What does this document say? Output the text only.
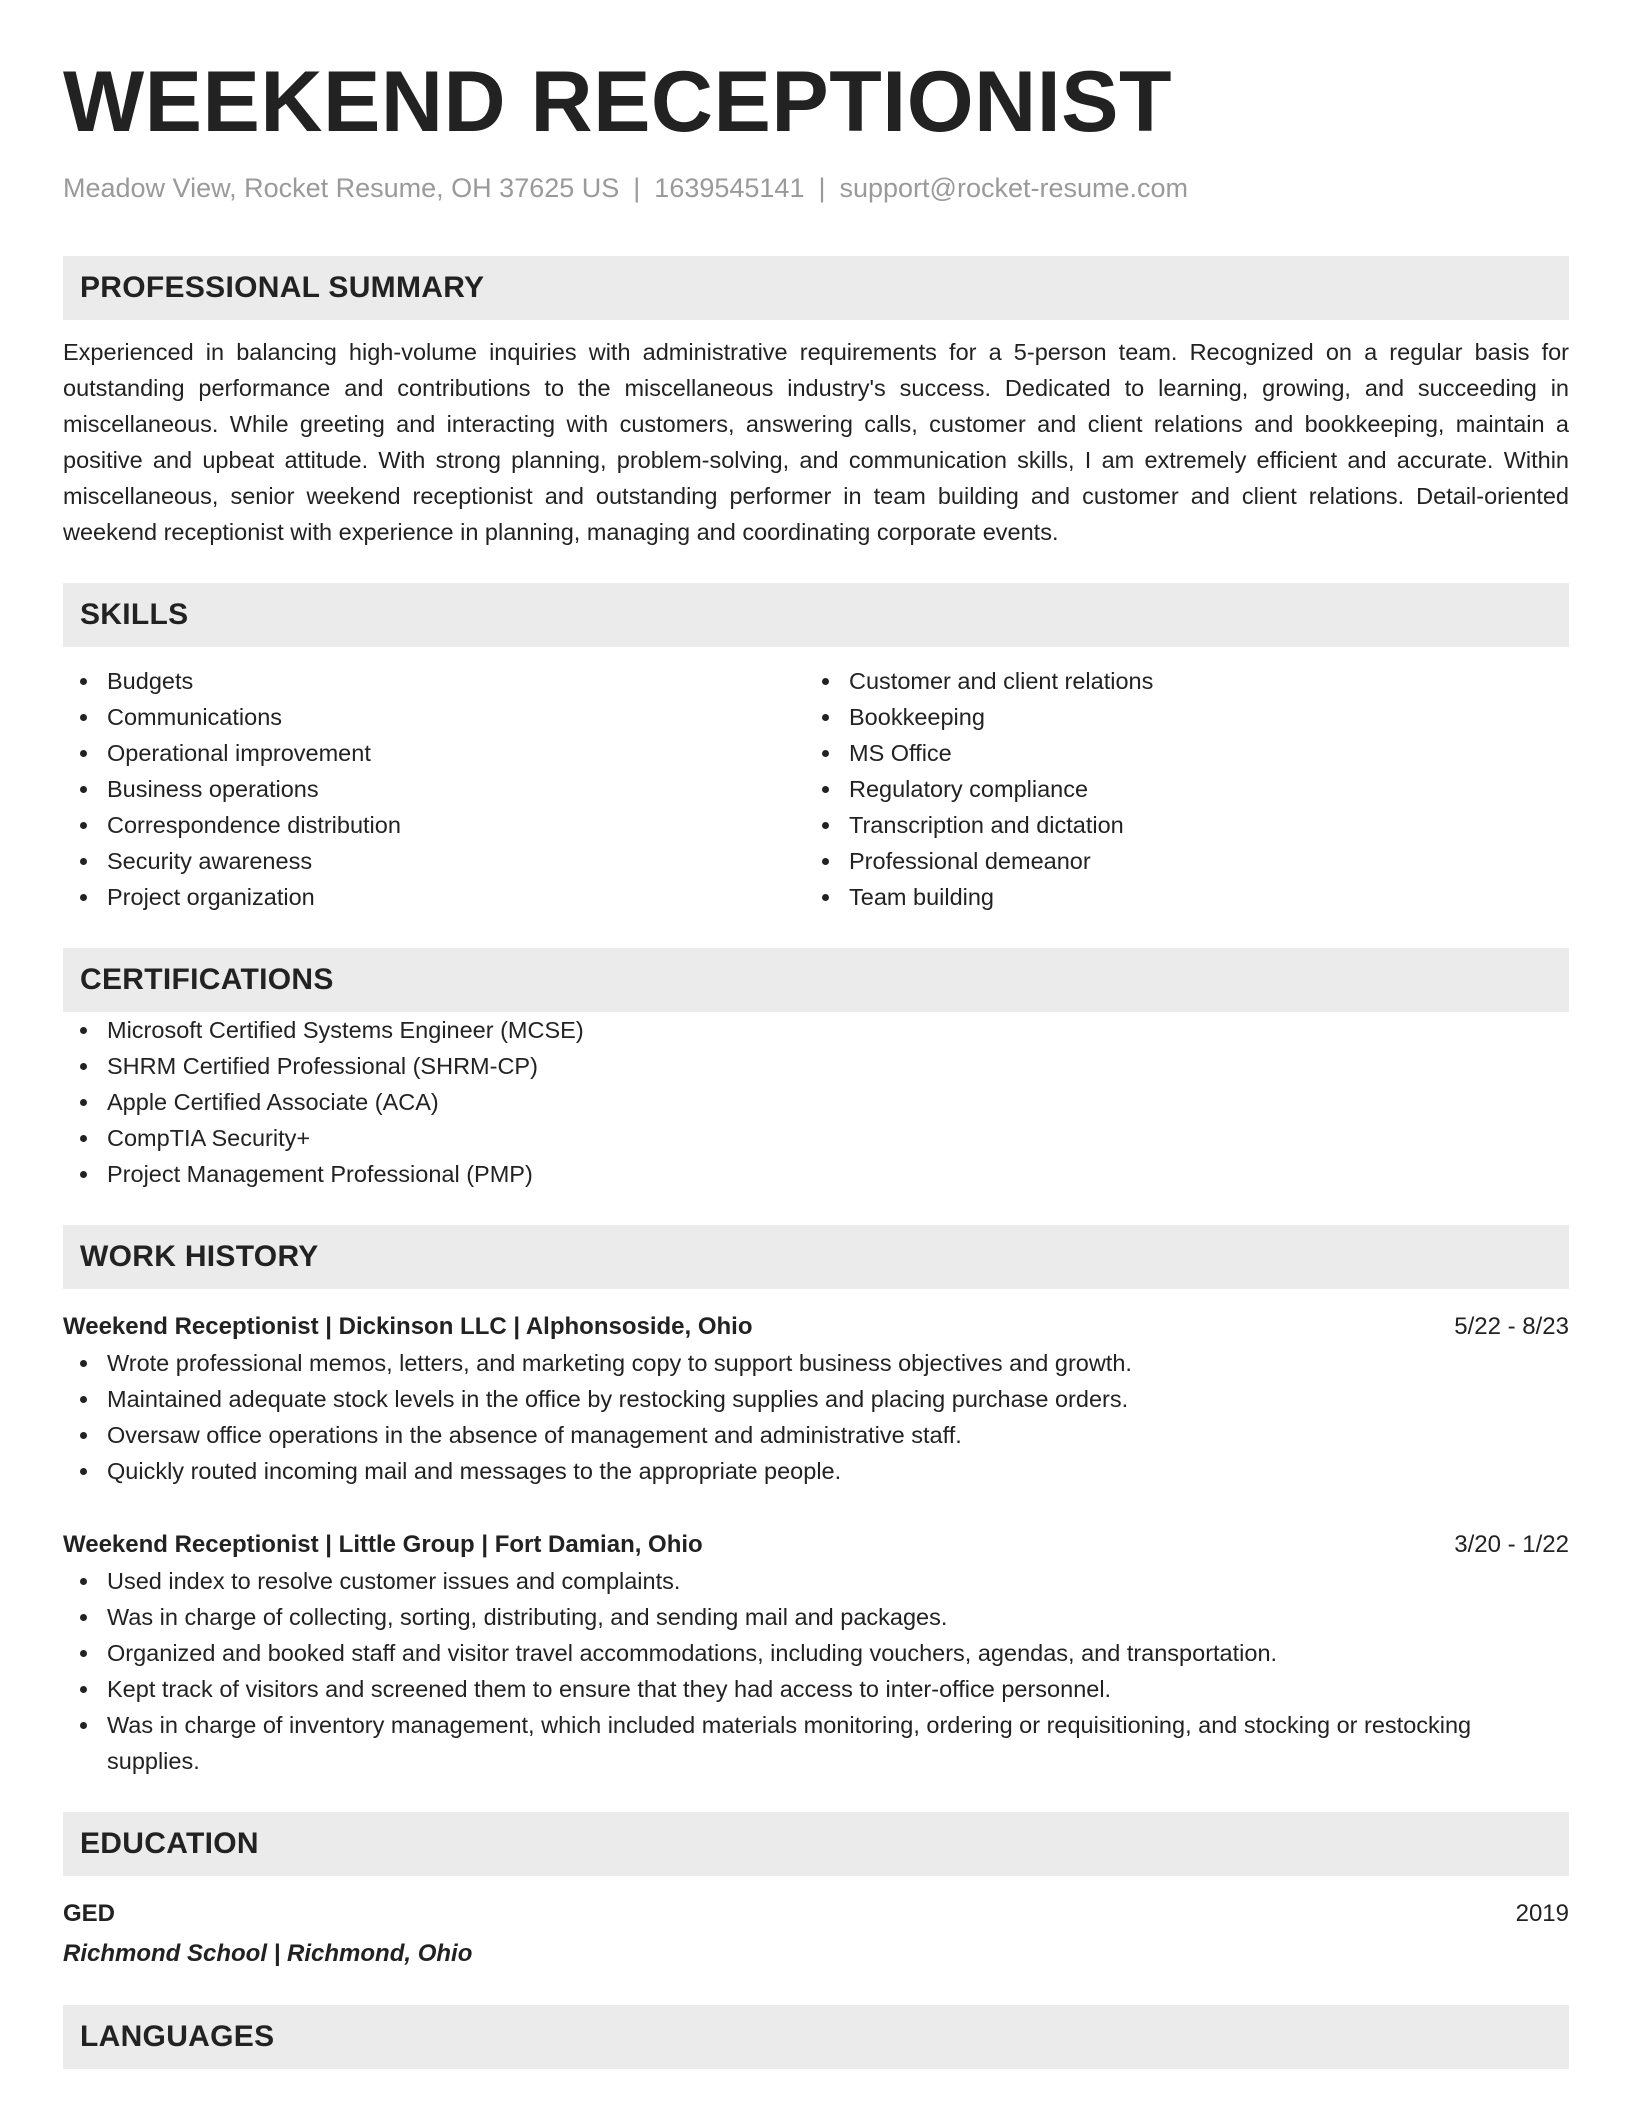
WEEKEND RECEPTIONIST
Meadow View, Rocket Resume, OH 37625 US | 1639545141 | support@rocket-resume.com
PROFESSIONAL SUMMARY
Experienced in balancing high-volume inquiries with administrative requirements for a 5-person team. Recognized on a regular basis for outstanding performance and contributions to the miscellaneous industry's success. Dedicated to learning, growing, and succeeding in miscellaneous. While greeting and interacting with customers, answering calls, customer and client relations and bookkeeping, maintain a positive and upbeat attitude. With strong planning, problem-solving, and communication skills, I am extremely efficient and accurate. Within miscellaneous, senior weekend receptionist and outstanding performer in team building and customer and client relations. Detail-oriented weekend receptionist with experience in planning, managing and coordinating corporate events.
SKILLS
Budgets
Communications
Operational improvement
Business operations
Correspondence distribution
Security awareness
Project organization
Customer and client relations
Bookkeeping
MS Office
Regulatory compliance
Transcription and dictation
Professional demeanor
Team building
CERTIFICATIONS
Microsoft Certified Systems Engineer (MCSE)
SHRM Certified Professional (SHRM-CP)
Apple Certified Associate (ACA)
CompTIA Security+
Project Management Professional (PMP)
WORK HISTORY
Weekend Receptionist | Dickinson LLC | Alphonsoside, Ohio	5/22 - 8/23
Wrote professional memos, letters, and marketing copy to support business objectives and growth.
Maintained adequate stock levels in the office by restocking supplies and placing purchase orders.
Oversaw office operations in the absence of management and administrative staff.
Quickly routed incoming mail and messages to the appropriate people.
Weekend Receptionist | Little Group | Fort Damian, Ohio	3/20 - 1/22
Used index to resolve customer issues and complaints.
Was in charge of collecting, sorting, distributing, and sending mail and packages.
Organized and booked staff and visitor travel accommodations, including vouchers, agendas, and transportation.
Kept track of visitors and screened them to ensure that they had access to inter-office personnel.
Was in charge of inventory management, which included materials monitoring, ordering or requisitioning, and stocking or restocking supplies.
EDUCATION
GED	2019
Richmond School | Richmond, Ohio
LANGUAGES
